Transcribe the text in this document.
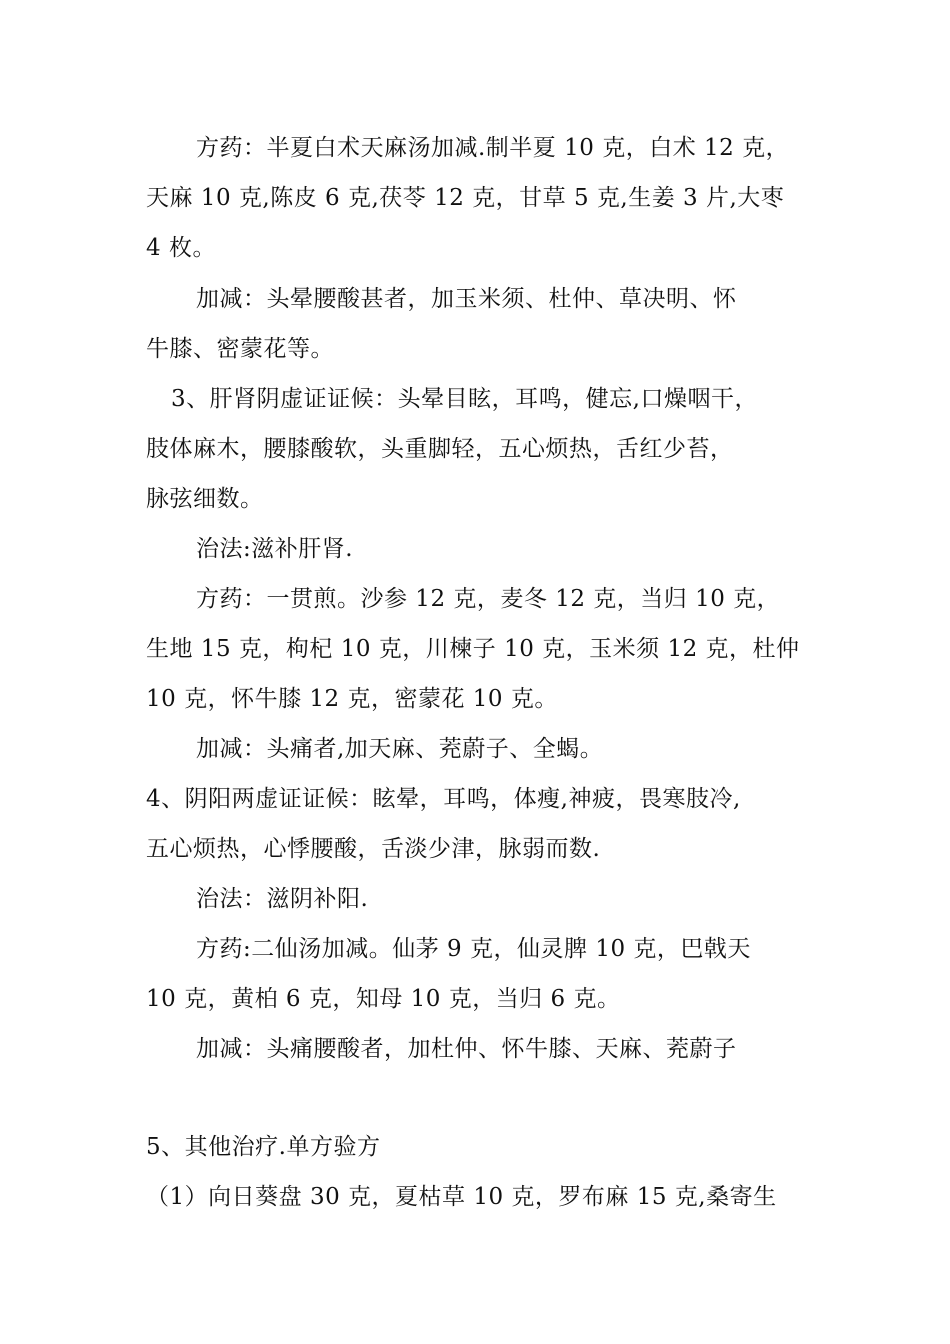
方药：半夏白术天麻汤加减.制半夏 10 克，白术 12 克，
天麻 10 克,陈皮 6 克,茯苓 12 克，甘草 5 克,生姜 3 片,大枣
4 枚。
加减：头晕腰酸甚者，加玉米须、杜仲、草决明、怀
牛膝、密蒙花等。
3、肝肾阴虚证证候：头晕目眩，耳鸣，健忘,口燥咽干，
肢体麻木，腰膝酸软，头重脚轻，五心烦热，舌红少苔，
脉弦细数。
治法:滋补肝肾.
方药：一贯煎。沙参 12 克，麦冬 12 克，当归 10 克，
生地 15 克，枸杞 10 克，川楝子 10 克，玉米须 12 克，杜仲
10 克，怀牛膝 12 克，密蒙花 10 克。
加减：头痛者,加天麻、茺蔚子、全蝎。
4、阴阳两虚证证候：眩晕，耳鸣，体瘦,神疲，畏寒肢冷,
五心烦热，心悸腰酸，舌淡少津，脉弱而数.
治法：滋阴补阳.
方药:二仙汤加减。仙茅 9 克，仙灵脾 10 克，巴戟天
10 克，黄柏 6 克，知母 10 克，当归 6 克。
加减：头痛腰酸者，加杜仲、怀牛膝、天麻、茺蔚子
5、其他治疗.单方验方
（1）向日葵盘 30 克，夏枯草 10 克，罗布麻 15 克,桑寄生
